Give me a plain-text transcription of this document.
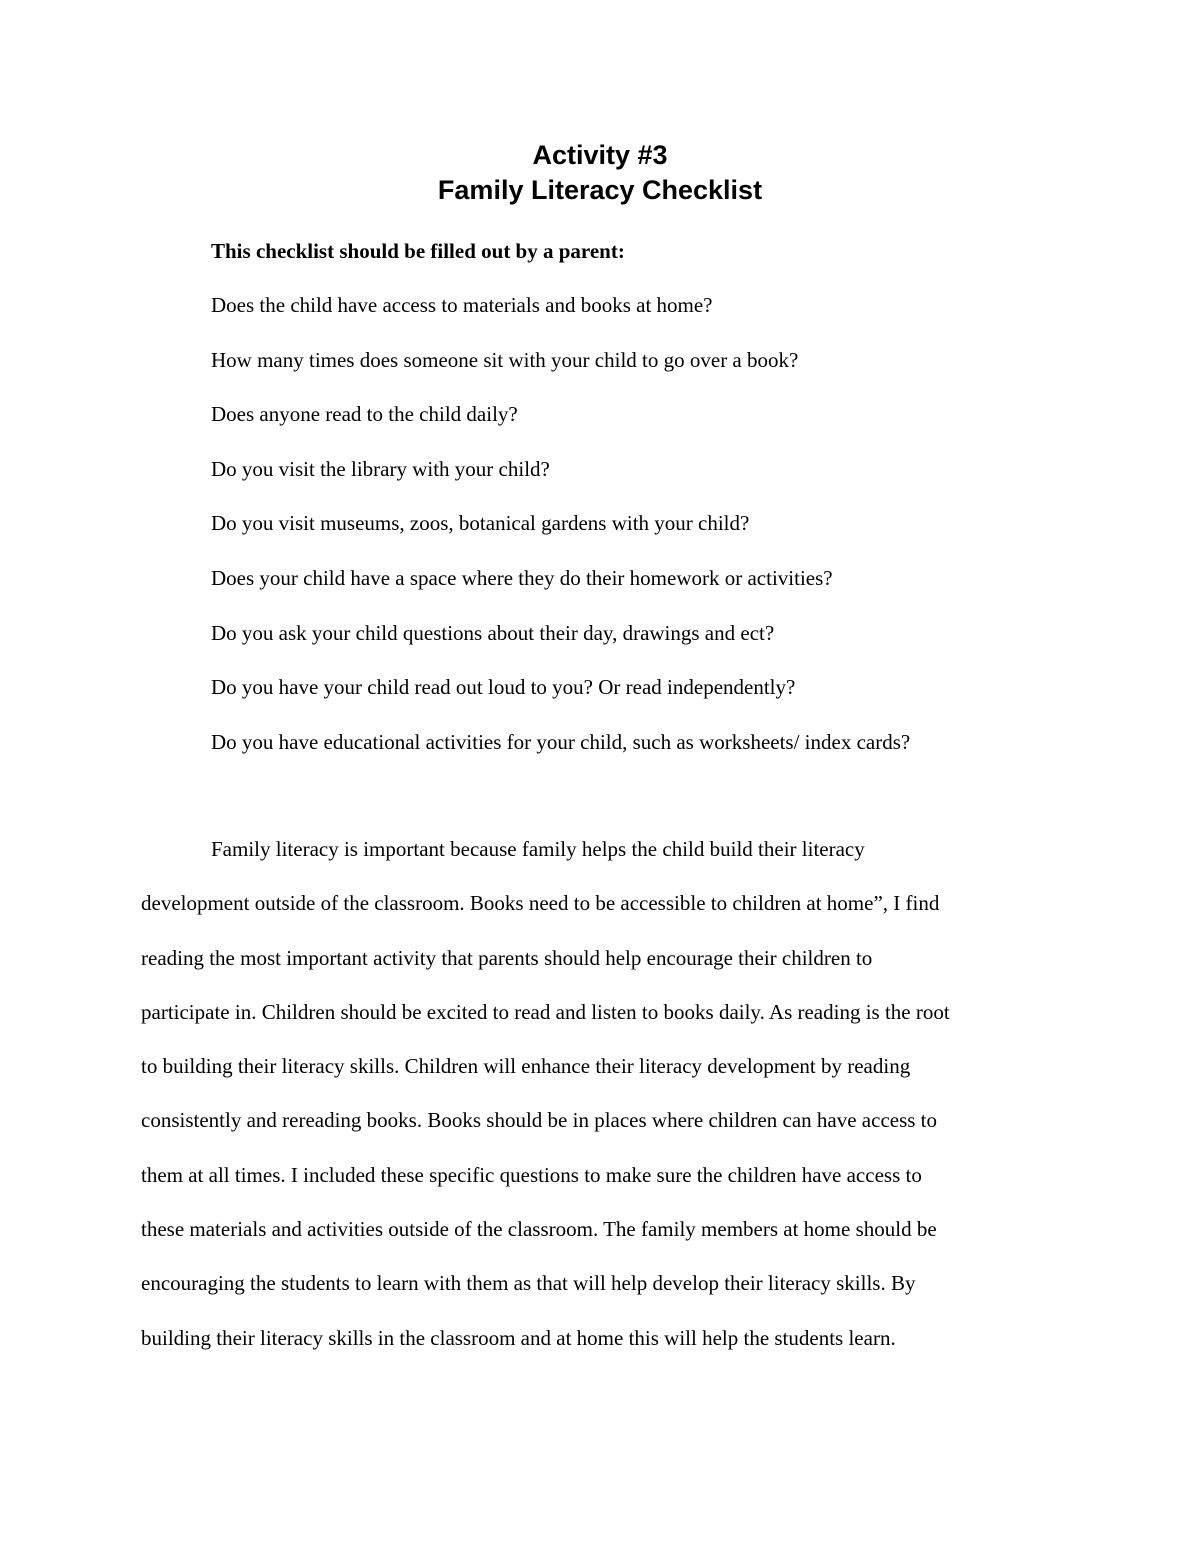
Activity #3
Family Literacy Checklist
This checklist should be filled out by a parent:
Does the child have access to materials and books at home?
How many times does someone sit with your child to go over a book?
Does anyone read to the child daily?
Do you visit the library with your child?
Do you visit museums, zoos, botanical gardens with your child?
Does your child have a space where they do their homework or activities?
Do you ask your child questions about their day, drawings and ect?
Do you have your child read out loud to you? Or read independently?
Do you have educational activities for your child, such as worksheets/ index cards?
Family literacy is important because family helps the child build their literacy
development outside of the classroom. Books need to be accessible to children at home”, I find
reading the most important activity that parents should help encourage their children to
participate in. Children should be excited to read and listen to books daily. As reading is the root
to building their literacy skills. Children will enhance their literacy development by reading
consistently and rereading books. Books should be in places where children can have access to
them at all times. I included these specific questions to make sure the children have access to
these materials and activities outside of the classroom. The family members at home should be
encouraging the students to learn with them as that will help develop their literacy skills. By
building their literacy skills in the classroom and at home this will help the students learn.
